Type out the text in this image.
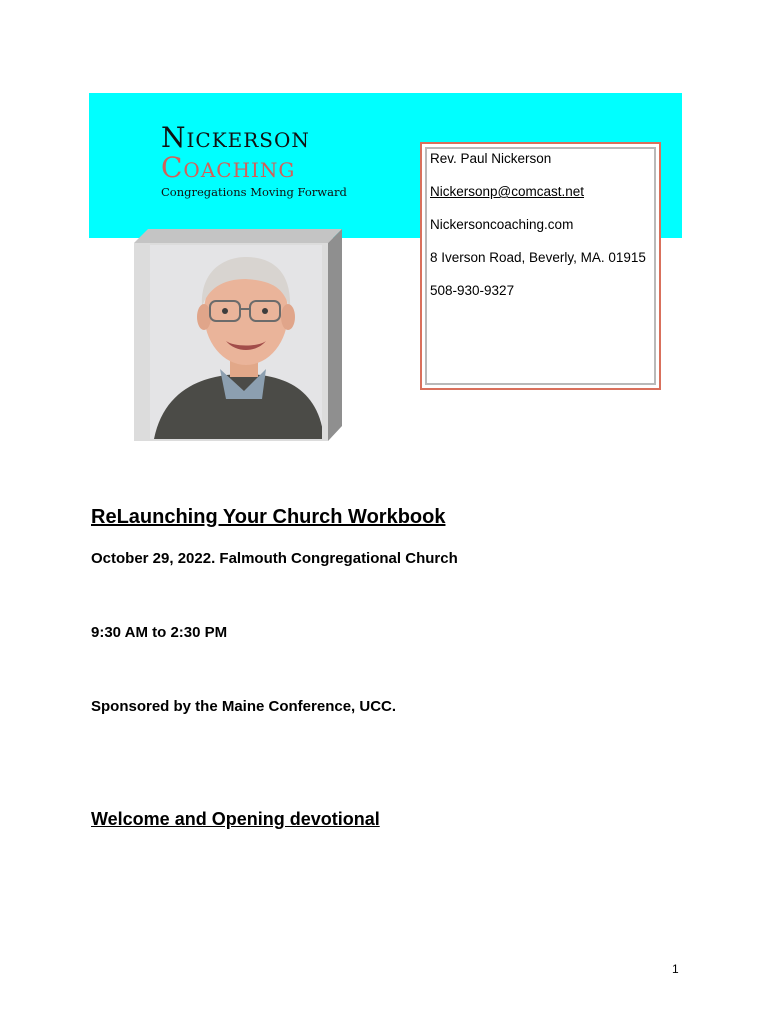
Nickerson
Coaching
Congregations Moving Forward
Rev. Paul Nickerson
Nickersonp@comcast.net
Nickersoncoaching.com
8 Iverson Road, Beverly, MA. 01915
508-930-9327
ReLaunching Your Church Workbook
October 29, 2022. Falmouth Congregational Church
9:30 AM to 2:30 PM
Sponsored by the Maine Conference, UCC.
Welcome and Opening devotional
1
